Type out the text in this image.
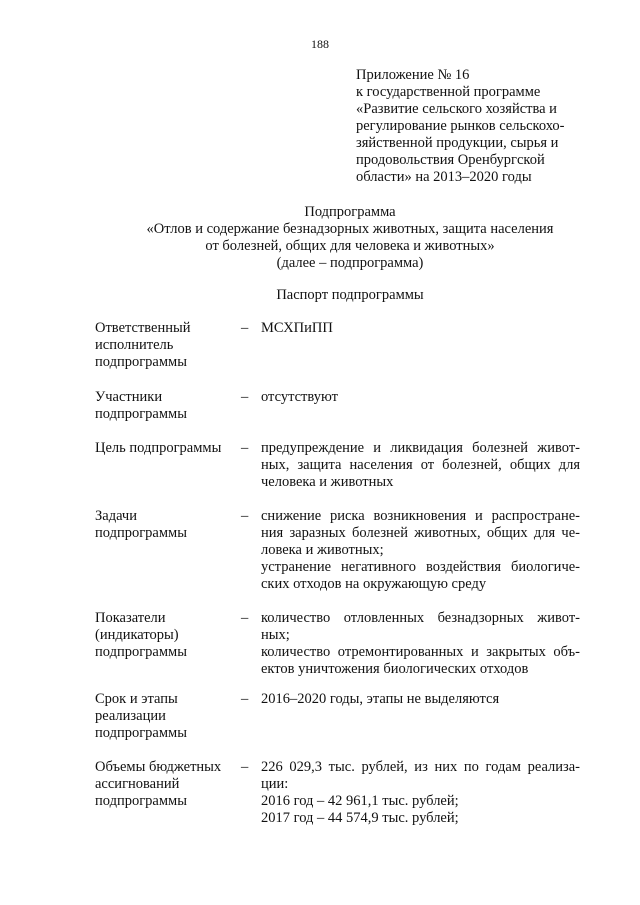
188
Приложение № 16
к государственной программе
«Развитие сельского хозяйства и
регулирование рынков сельскохо-
зяйственной продукции, сырья и
продовольствия Оренбургской
области» на 2013–2020 годы
Подпрограмма
«Отлов и содержание безнадзорных животных, защита населения
от болезней, общих для человека и животных»
(далее – подпрограмма)
Паспорт подпрограммы
Ответственный
исполнитель
подпрограммы
– МСХПиПП
Участники
подпрограммы
– отсутствуют
Цель подпрограммы	– предупреждение и ликвидация болезней живот-
ных, защита населения от болезней, общих для
человека и животных
Задачи
подпрограммы
– снижение риска возникновения и распростране-
ния заразных болезней животных, общих для че-
ловека и животных;
устранение негативного воздействия биологиче-
ских отходов на окружающую среду
Показатели
(индикаторы)
подпрограммы
– количество отловленных безнадзорных живот-
ных;
количество отремонтированных и закрытых объ-
ектов уничтожения биологических отходов
Срок и этапы
реализации
подпрограммы
– 2016–2020 годы, этапы не выделяются
Объемы бюджетных
ассигнований
подпрограммы
– 226 029,3 тыс. рублей, из них по годам реализа-
ции:
2016 год – 42 961,1 тыс. рублей;
2017 год – 44 574,9 тыс. рублей;
